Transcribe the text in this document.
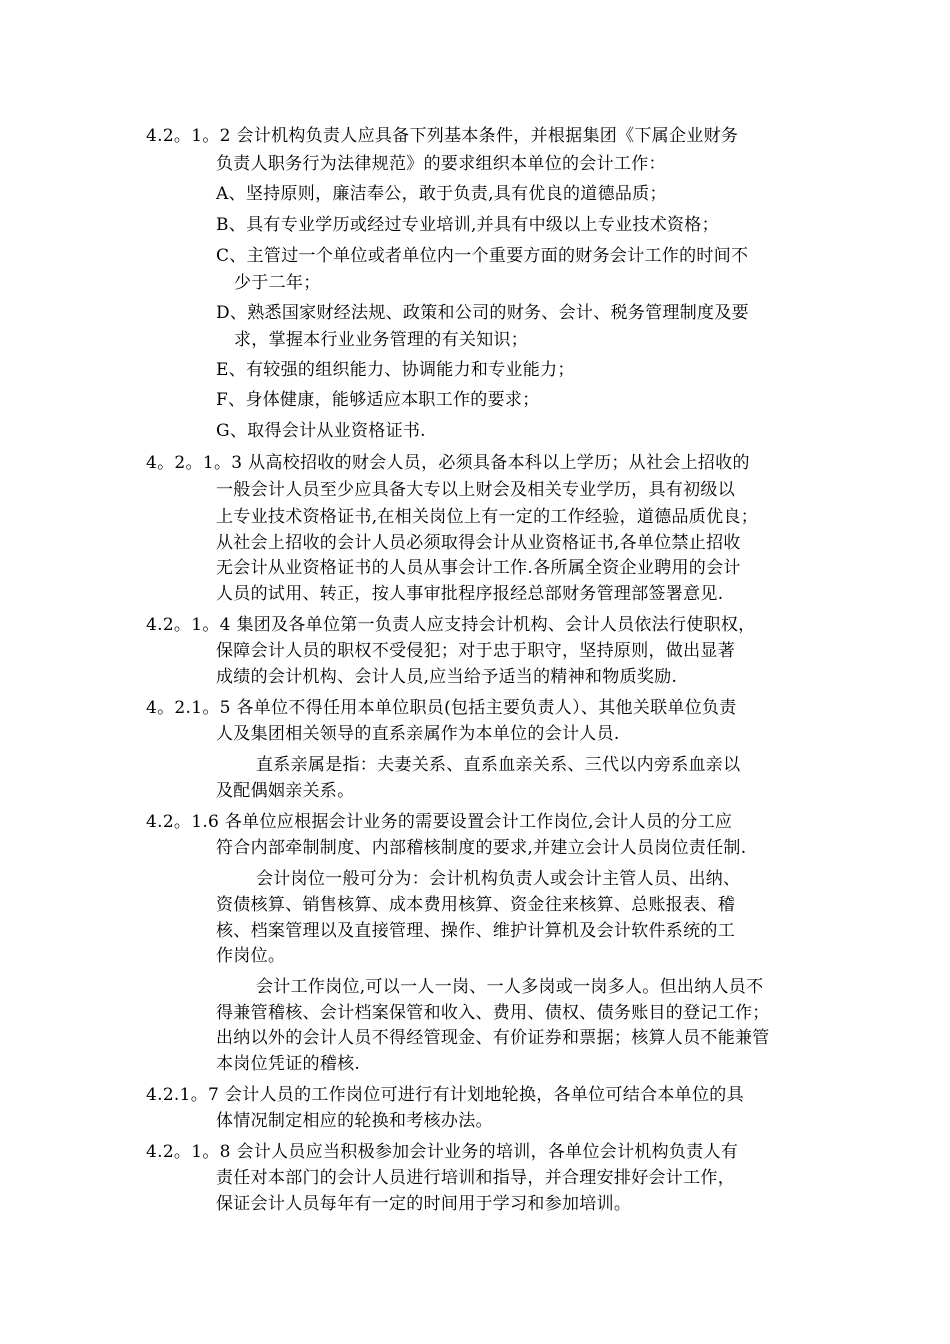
4.2。1。2 会计机构负责人应具备下列基本条件，并根据集团《下属企业财务
负责人职务行为法律规范》的要求组织本单位的会计工作：
A、坚持原则，廉洁奉公，敢于负责,具有优良的道德品质；
B、具有专业学历或经过专业培训,并具有中级以上专业技术资格；
C、主管过一个单位或者单位内一个重要方面的财务会计工作的时间不
少于二年；
D、熟悉国家财经法规、政策和公司的财务、会计、税务管理制度及要
求，掌握本行业业务管理的有关知识；
E、有较强的组织能力、协调能力和专业能力；
F、身体健康，能够适应本职工作的要求；
G、取得会计从业资格证书.
4。2。1。3 从高校招收的财会人员，必须具备本科以上学历；从社会上招收的
一般会计人员至少应具备大专以上财会及相关专业学历，具有初级以
上专业技术资格证书,在相关岗位上有一定的工作经验，道德品质优良；
从社会上招收的会计人员必须取得会计从业资格证书,各单位禁止招收
无会计从业资格证书的人员从事会计工作.各所属全资企业聘用的会计
人员的试用、转正，按人事审批程序报经总部财务管理部签署意见.
4.2。1。4 集团及各单位第一负责人应支持会计机构、会计人员依法行使职权，
保障会计人员的职权不受侵犯；对于忠于职守，坚持原则，做出显著
成绩的会计机构、会计人员,应当给予适当的精神和物质奖励.
4。2.1。5 各单位不得任用本单位职员(包括主要负责人）、其他关联单位负责
人及集团相关领导的直系亲属作为本单位的会计人员.
直系亲属是指：夫妻关系、直系血亲关系、三代以内旁系血亲以
及配偶姻亲关系。
4.2。1.6 各单位应根据会计业务的需要设置会计工作岗位,会计人员的分工应
符合内部牵制制度、内部稽核制度的要求,并建立会计人员岗位责任制.
会计岗位一般可分为：会计机构负责人或会计主管人员、出纳、
资债核算、销售核算、成本费用核算、资金往来核算、总账报表、稽
核、档案管理以及直接管理、操作、维护计算机及会计软件系统的工
作岗位。
会计工作岗位,可以一人一岗、一人多岗或一岗多人。但出纳人员不
得兼管稽核、会计档案保管和收入、费用、债权、债务账目的登记工作；
出纳以外的会计人员不得经管现金、有价证券和票据；核算人员不能兼管
本岗位凭证的稽核.
4.2.1。7 会计人员的工作岗位可进行有计划地轮换，各单位可结合本单位的具
体情况制定相应的轮换和考核办法。
4.2。1。8 会计人员应当积极参加会计业务的培训，各单位会计机构负责人有
责任对本部门的会计人员进行培训和指导，并合理安排好会计工作，
保证会计人员每年有一定的时间用于学习和参加培训。
